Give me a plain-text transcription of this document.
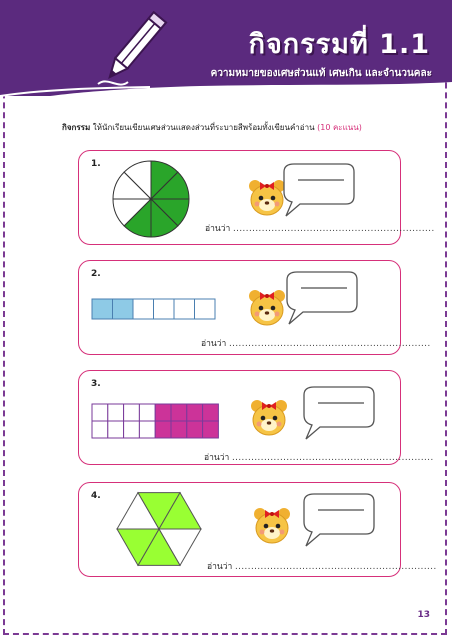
กิจกรรมที่ 1.1
ความหมายของเศษส่วนแท้ เศษเกิน และจำนวนคละ
กิจกรรม ให้นักเรียนเขียนเศษส่วนแสดงส่วนที่ระบายสีพร้อมทั้งเขียนคำอ่าน (10 คะแนน)
1.
อ่านว่า ...............................................................
2.
อ่านว่า ...............................................................
3.
อ่านว่า ...............................................................
4.
อ่านว่า ...............................................................
13
